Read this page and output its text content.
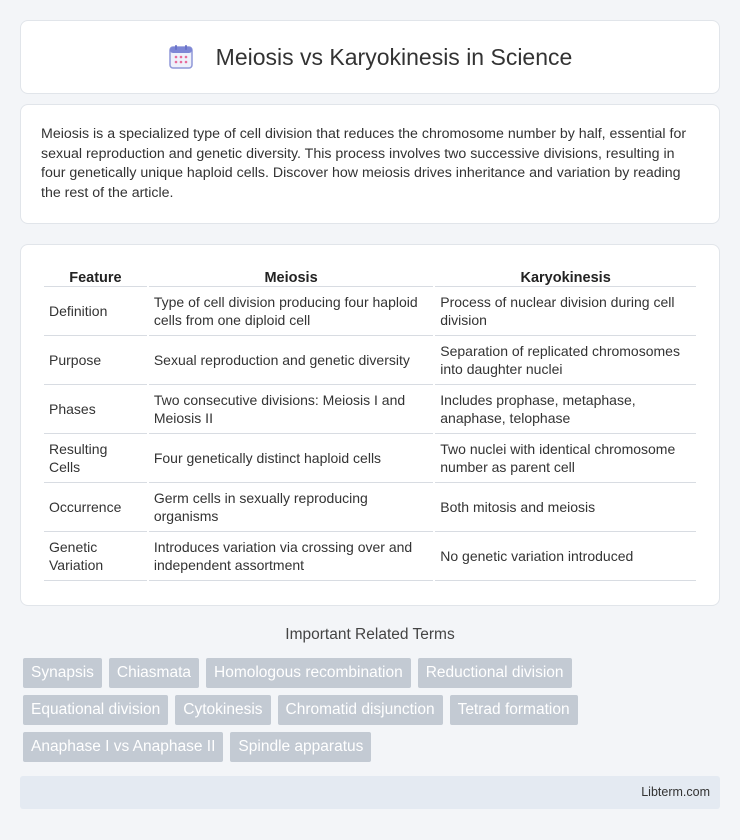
Meiosis vs Karyokinesis in Science

Meiosis is a specialized type of cell division that reduces the chromosome number by half, essential for sexual reproduction and genetic diversity. This process involves two successive divisions, resulting in four genetically unique haploid cells. Discover how meiosis drives inheritance and variation by reading the rest of the article.

Feature	Meiosis	Karyokinesis
Definition	Type of cell division producing four haploid cells from one diploid cell	Process of nuclear division during cell division
Purpose	Sexual reproduction and genetic diversity	Separation of replicated chromosomes into daughter nuclei
Phases	Two consecutive divisions: Meiosis I and Meiosis II	Includes prophase, metaphase, anaphase, telophase
Resulting Cells	Four genetically distinct haploid cells	Two nuclei with identical chromosome number as parent cell
Occurrence	Germ cells in sexually reproducing organisms	Both mitosis and meiosis
Genetic Variation	Introduces variation via crossing over and independent assortment	No genetic variation introduced
Important Related Terms
Synapsis	Chiasmata	Homologous recombination	Reductional division
Equational division	Cytokinesis	Chromatid disjunction	Tetrad formation
Anaphase I vs Anaphase II	Spindle apparatus
Libterm.com
